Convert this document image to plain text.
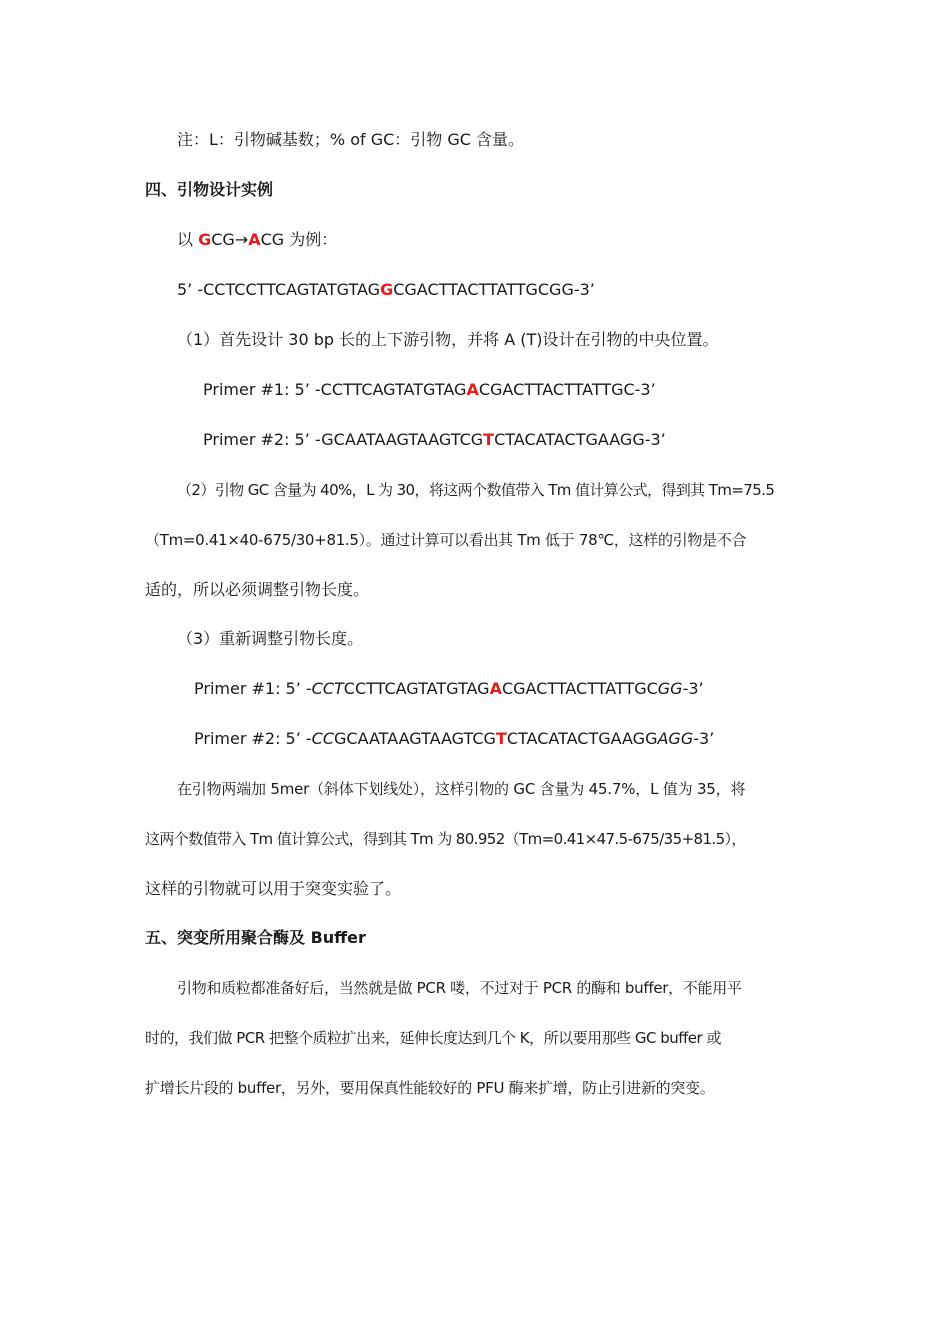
注：L：引物碱基数；% of GC：引物 GC 含量。
四、引物设计实例
以 GCG→ACG 为例：
5’ -CCTCCTTCAGTATGTAGGCGACTTACTTATTGCGG-3’
（1）首先设计 30 bp 长的上下游引物，并将 A (T)设计在引物的中央位置。
Primer #1: 5’ -CCTTCAGTATGTAGACGACTTACTTATTGC-3’
Primer #2: 5’ -GCAATAAGTAAGTCGTCTACATACTGAAGG-3’
（2）引物 GC 含量为 40%，L 为 30，将这两个数值带入 Tm 值计算公式，得到其 Tm=75.5
（Tm=0.41×40-675/30+81.5）。通过计算可以看出其 Tm 低于 78℃，这样的引物是不合
适的，所以必须调整引物长度。
（3）重新调整引物长度。
Primer #1: 5’ -CCTCCTTCAGTATGTAGACGACTTACTTATTGCGG-3’
Primer #2: 5’ -CCGCAATAAGTAAGTCGTCTACATACTGAAGGAGG-3’
在引物两端加 5mer（斜体下划线处），这样引物的 GC 含量为 45.7%，L 值为 35，将
这两个数值带入 Tm 值计算公式，得到其 Tm 为 80.952（Tm=0.41×47.5-675/35+81.5），
这样的引物就可以用于突变实验了。
五、突变所用聚合酶及 Buffer
引物和质粒都准备好后，当然就是做 PCR 喽，不过对于 PCR 的酶和 buffer，不能用平
时的，我们做 PCR 把整个质粒扩出来，延伸长度达到几个 K，所以要用那些 GC buffer 或
扩增长片段的 buffer，另外，要用保真性能较好的 PFU 酶来扩增，防止引进新的突变。
